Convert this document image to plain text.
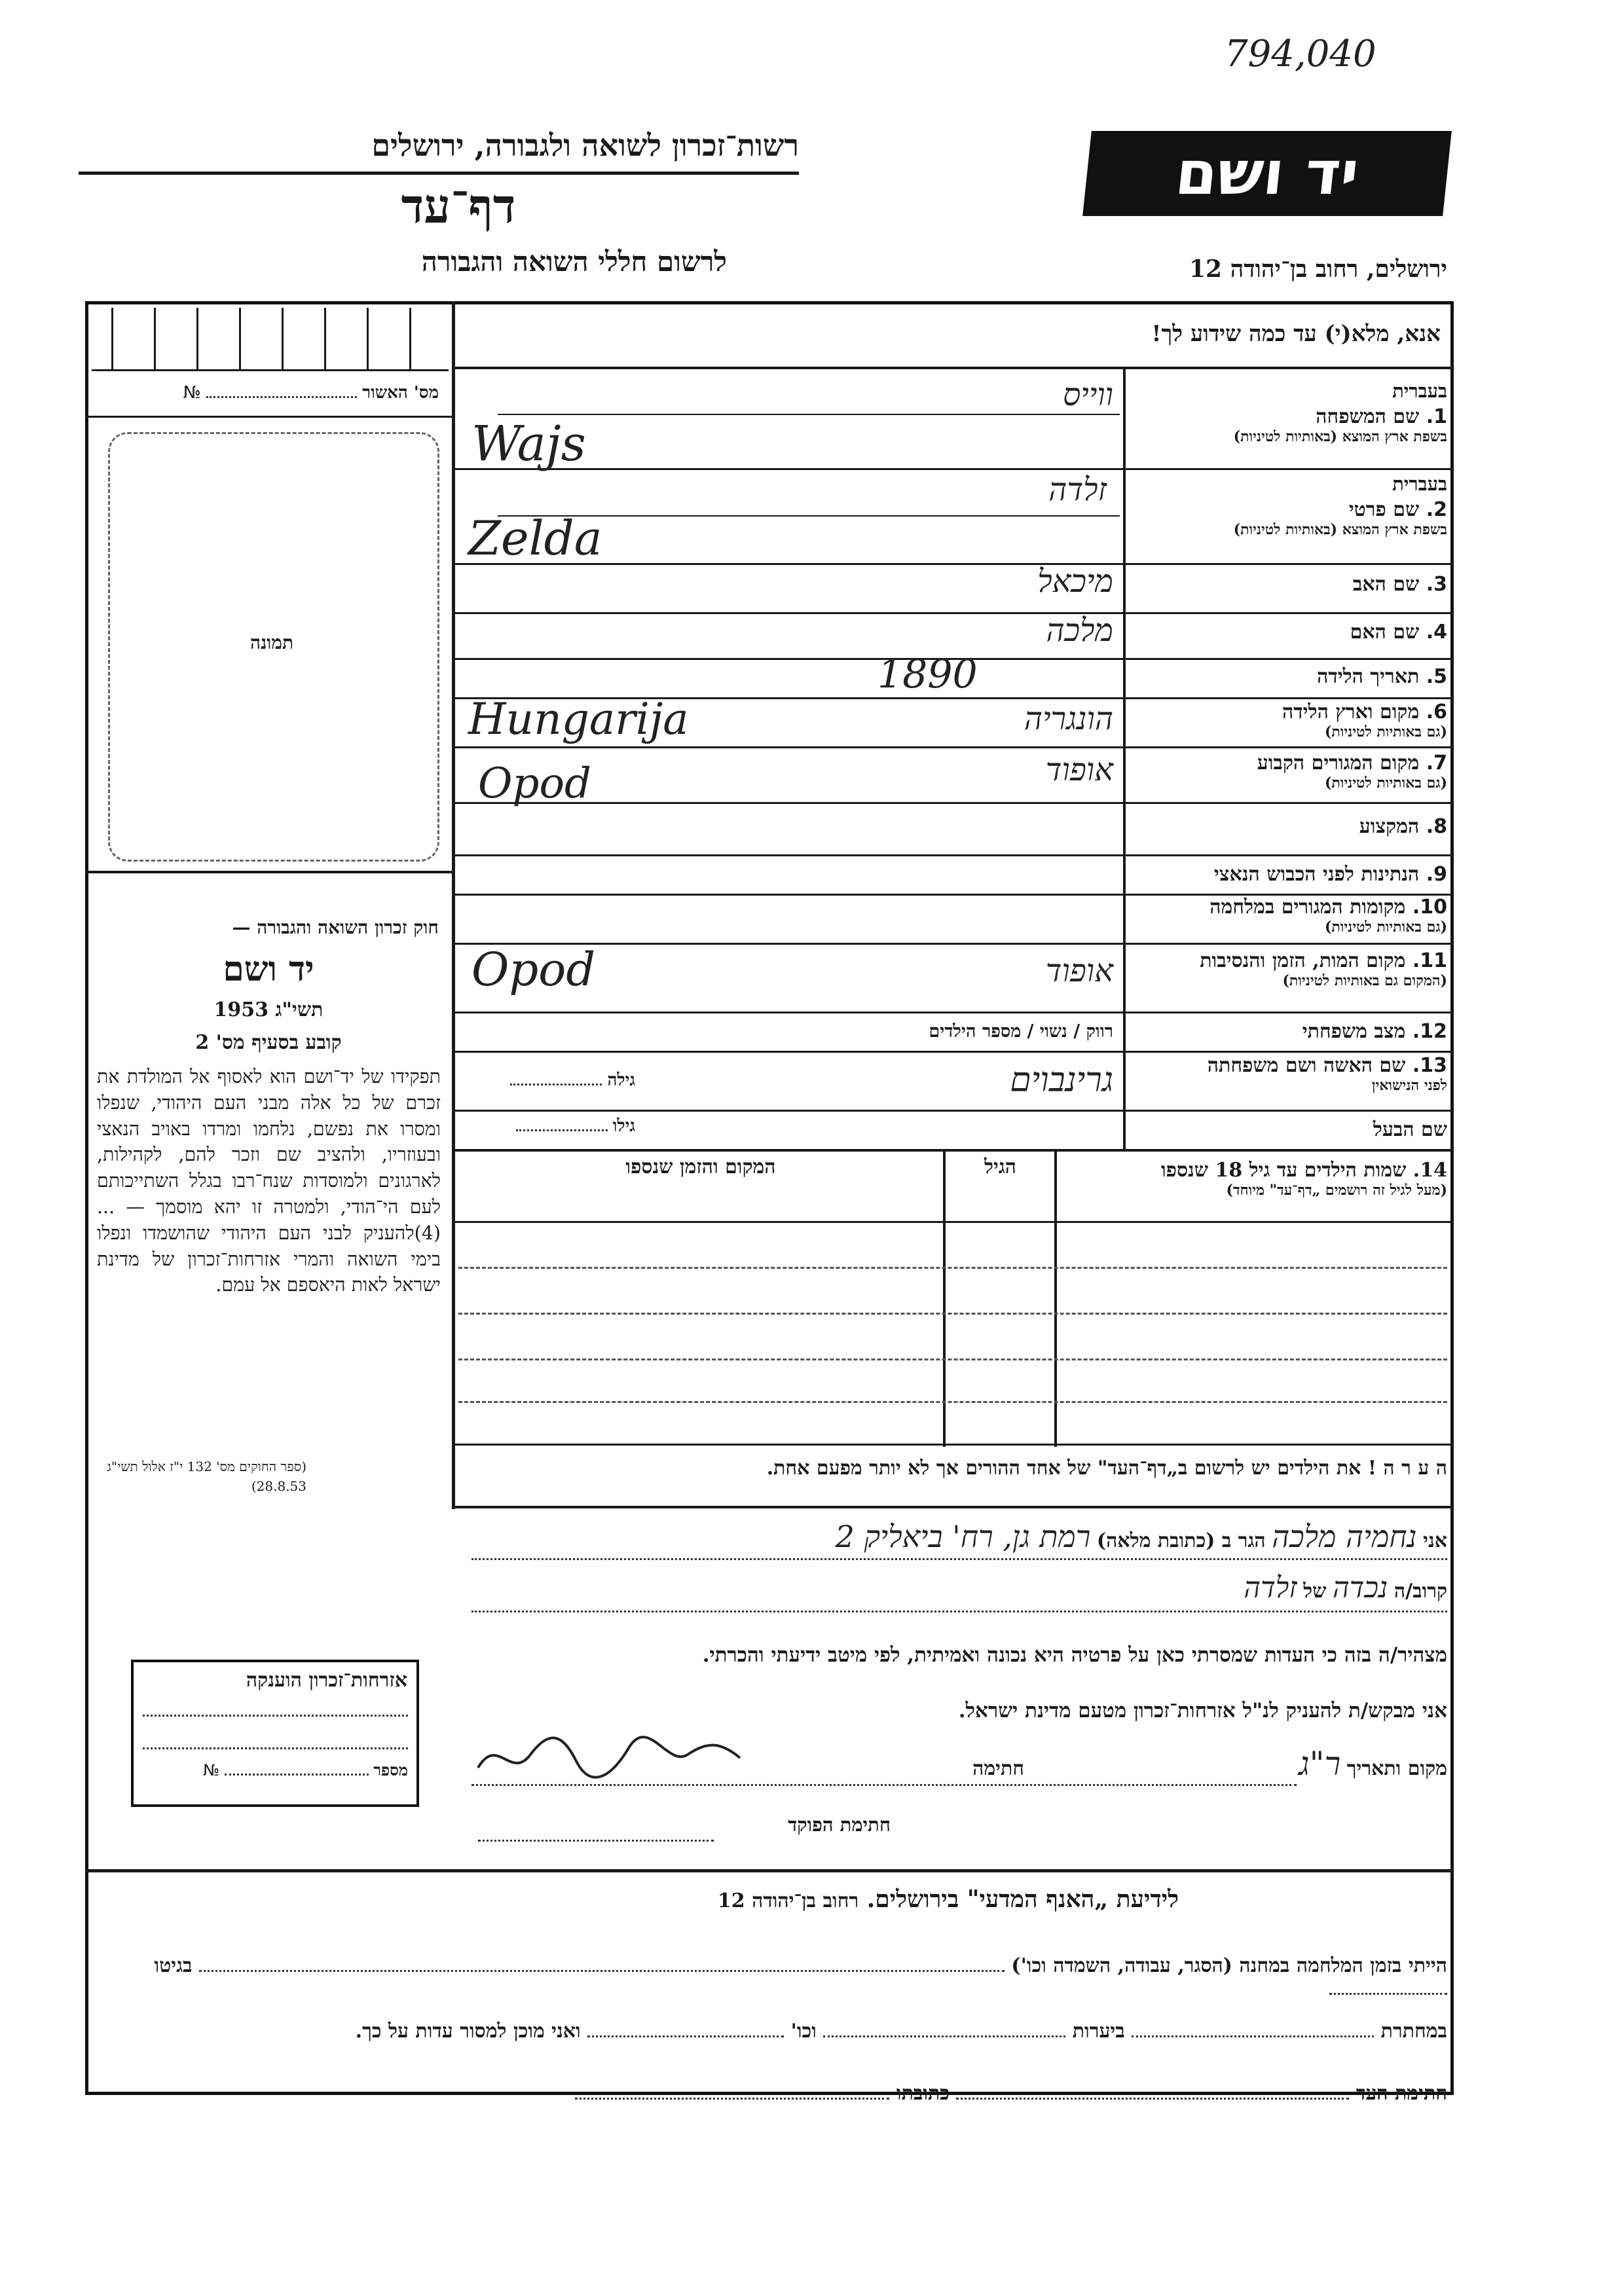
794,040
יד ושם
רשות־זכרון לשואה ולגבורה, ירושלים
דף־עד
לרשום חללי השואה והגבורה	ירושלים, רחוב בן־יהודה 12
אנא, מלא(י) עד כמה שידוע לך!
מס' האשור  №
תמונה
חוק זכרון השואה והגבורה —
יד ושם
תשי"ג 1953
קובע בסעיף מס' 2
תפקידו של יד־ושם הוא לאסוף אל המולדת את זכרם של כל אלה מבני העם היהודי, שנפלו ומסרו את נפשם, נלחמו ומרדו באויב הנאצי ובעוזריו, ולהציב שם וזכר להם, לקהילות, לארגונים ולמוסדות שנח־רבו בגלל השתייכותם לעם הי־הודי, ולמטרה זו יהא מוסמך — ...(4)להעניק לבני העם היהודי שהושמדו ונפלו בימי השואה והמרי אזרחות־זכרון של מדינת ישראל לאות היאספם אל עמם.
(ספר החוקים מס' 132 י"ז אלול תשי"ג 28.8.53)
בעברית
1. שם המשפחה
בשפת ארץ המוצא (באותיות לטיניות)
ווייס
Wajs
בעברית
2. שם פרטי
בשפת ארץ המוצא (באותיות לטיניות)
זלדה
Zelda
3. שם האב
מיכאל
4. שם האם
מלכה
5. תאריך הלידה
1890
6. מקום וארץ הלידה
(גם באותיות לטיניות)
הונגריה
Hungarija
7. מקום המגורים הקבוע
(גם באותיות לטיניות)
אופוד
Opod
8. המקצוע
9. הנתינות לפני הכבוש הנאצי
10. מקומות המגורים במלחמה
(גם באותיות לטיניות)
11. מקום המות, הזמן והנסיבות
(המקום גם באותיות לטיניות)
אופוד
Opod
12. מצב משפחתי
רווק / נשוי / מספר הילדים
13. שם האשה ושם משפחתה
לפני הנישואין
גרינבוים
גילה
שם הבעל
גילו
14. שמות הילדים עד גיל 18 שנספו
(מעל לגיל זה רושמים „דף־עד" מיוחד)
הגיל
המקום והזמן שנספו
ה ע ר ה ! את הילדים יש לרשום ב„דף־העד" של אחד ההורים אך לא יותר מפעם אחת.
אני נחמיה מלכה הגר ב (כתובת מלאה) רמת גן, רח' ביאליק 2
קרוב/ה נכדה של זלדה
מצהיר/ה בזה כי העדות שמסרתי כאן על פרטיה היא נכונה ואמיתית, לפי מיטב ידיעתי והכרתי.
אני מבקש/ת להעניק לנ"ל אזרחות־זכרון מטעם מדינת ישראל.
מקום ותאריך ר"ג  חתימה
חתימת הפוקד
אזרחות־זכרון הוענקה
מספר  №
לידיעת „האנף המדעי" בירושלים. רחוב בן־יהודה 12
הייתי בזמן המלחמה במחנה (הסגר, עבודה, השמדה וכו')  בגיטו
במחתרת  ביערות  וכו'  ואני מוכן למסור עדות על כך.
חתימת העד  כתובתו
